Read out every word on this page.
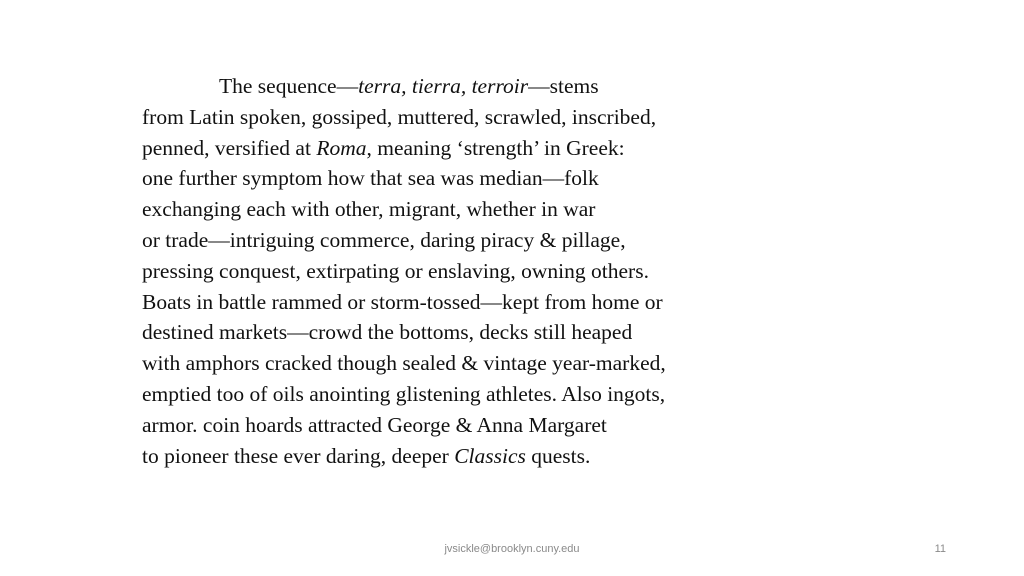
The sequence—terra, tierra, terroir—stems
from Latin spoken, gossiped, muttered, scrawled, inscribed,
penned, versified at Roma, meaning ‘strength’ in Greek:
one further symptom how that sea was median―folk
exchanging each with other, migrant, whether in war
or trade—intriguing commerce, daring piracy & pillage,
pressing conquest, extirpating or enslaving, owning others.
Boats in battle rammed or storm-tossed―kept from home or
destined markets―crowd the bottoms, decks still heaped
with amphors cracked though sealed & vintage year-marked,
emptied too of oils anointing glistening athletes. Also ingots,
armor. coin hoards attracted George & Anna Margaret
to pioneer these ever daring, deeper Classics quests.
jvsickle@brooklyn.cuny.edu	11
